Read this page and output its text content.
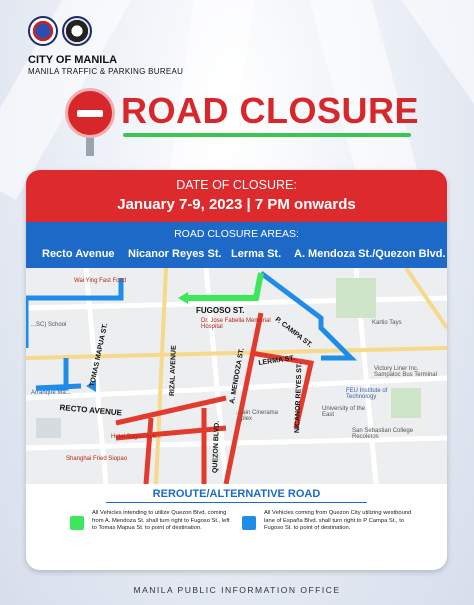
CITY OF MANILA
MANILA TRAFFIC & PARKING BUREAU
ROAD CLOSURE
DATE OF CLOSURE:
January 7-9, 2023 | 7 PM onwards
ROAD CLOSURE AREAS:
Recto Avenue Nicanor Reyes St. Lerma St. A. Mendoza St./Quezon Blvd.
FUGOSO ST.
P. CAMPA ST.
TOMAS MAPUA ST.	RIZAL AVENUE	A. MENDOZA ST. LERMA ST.
NICANOR REYES ST.
RECTO AVENUE
QUEZON BLVD.
Wai Ying Fast Food
...SC) School
Dr. Jose Fabella Memorial Hospital
Kartio Tays
Victory Liner Inc. Sampaloc Bus Terminal
FEU Institute of Technology
University of the East
San Sebastian College Recoletos
Hotel Sogo - Ave...
Shanghai Fried Siopao
Arranque Ma...
...iain Cinerama ...plex
REROUTE/ALTERNATIVE ROAD
All Vehicles intending to utilize Quezon Blvd. coming from A. Mendoza St. shall turn right to Fugoso St., left to Tomas Mapua St. to point of destination.
All Vehicles coming from Quezon City utilizing westbound lane of España Blvd. shall turn right to P Campa St., to Fugoso St. to point of destination.
MANILA PUBLIC INFORMATION OFFICE
